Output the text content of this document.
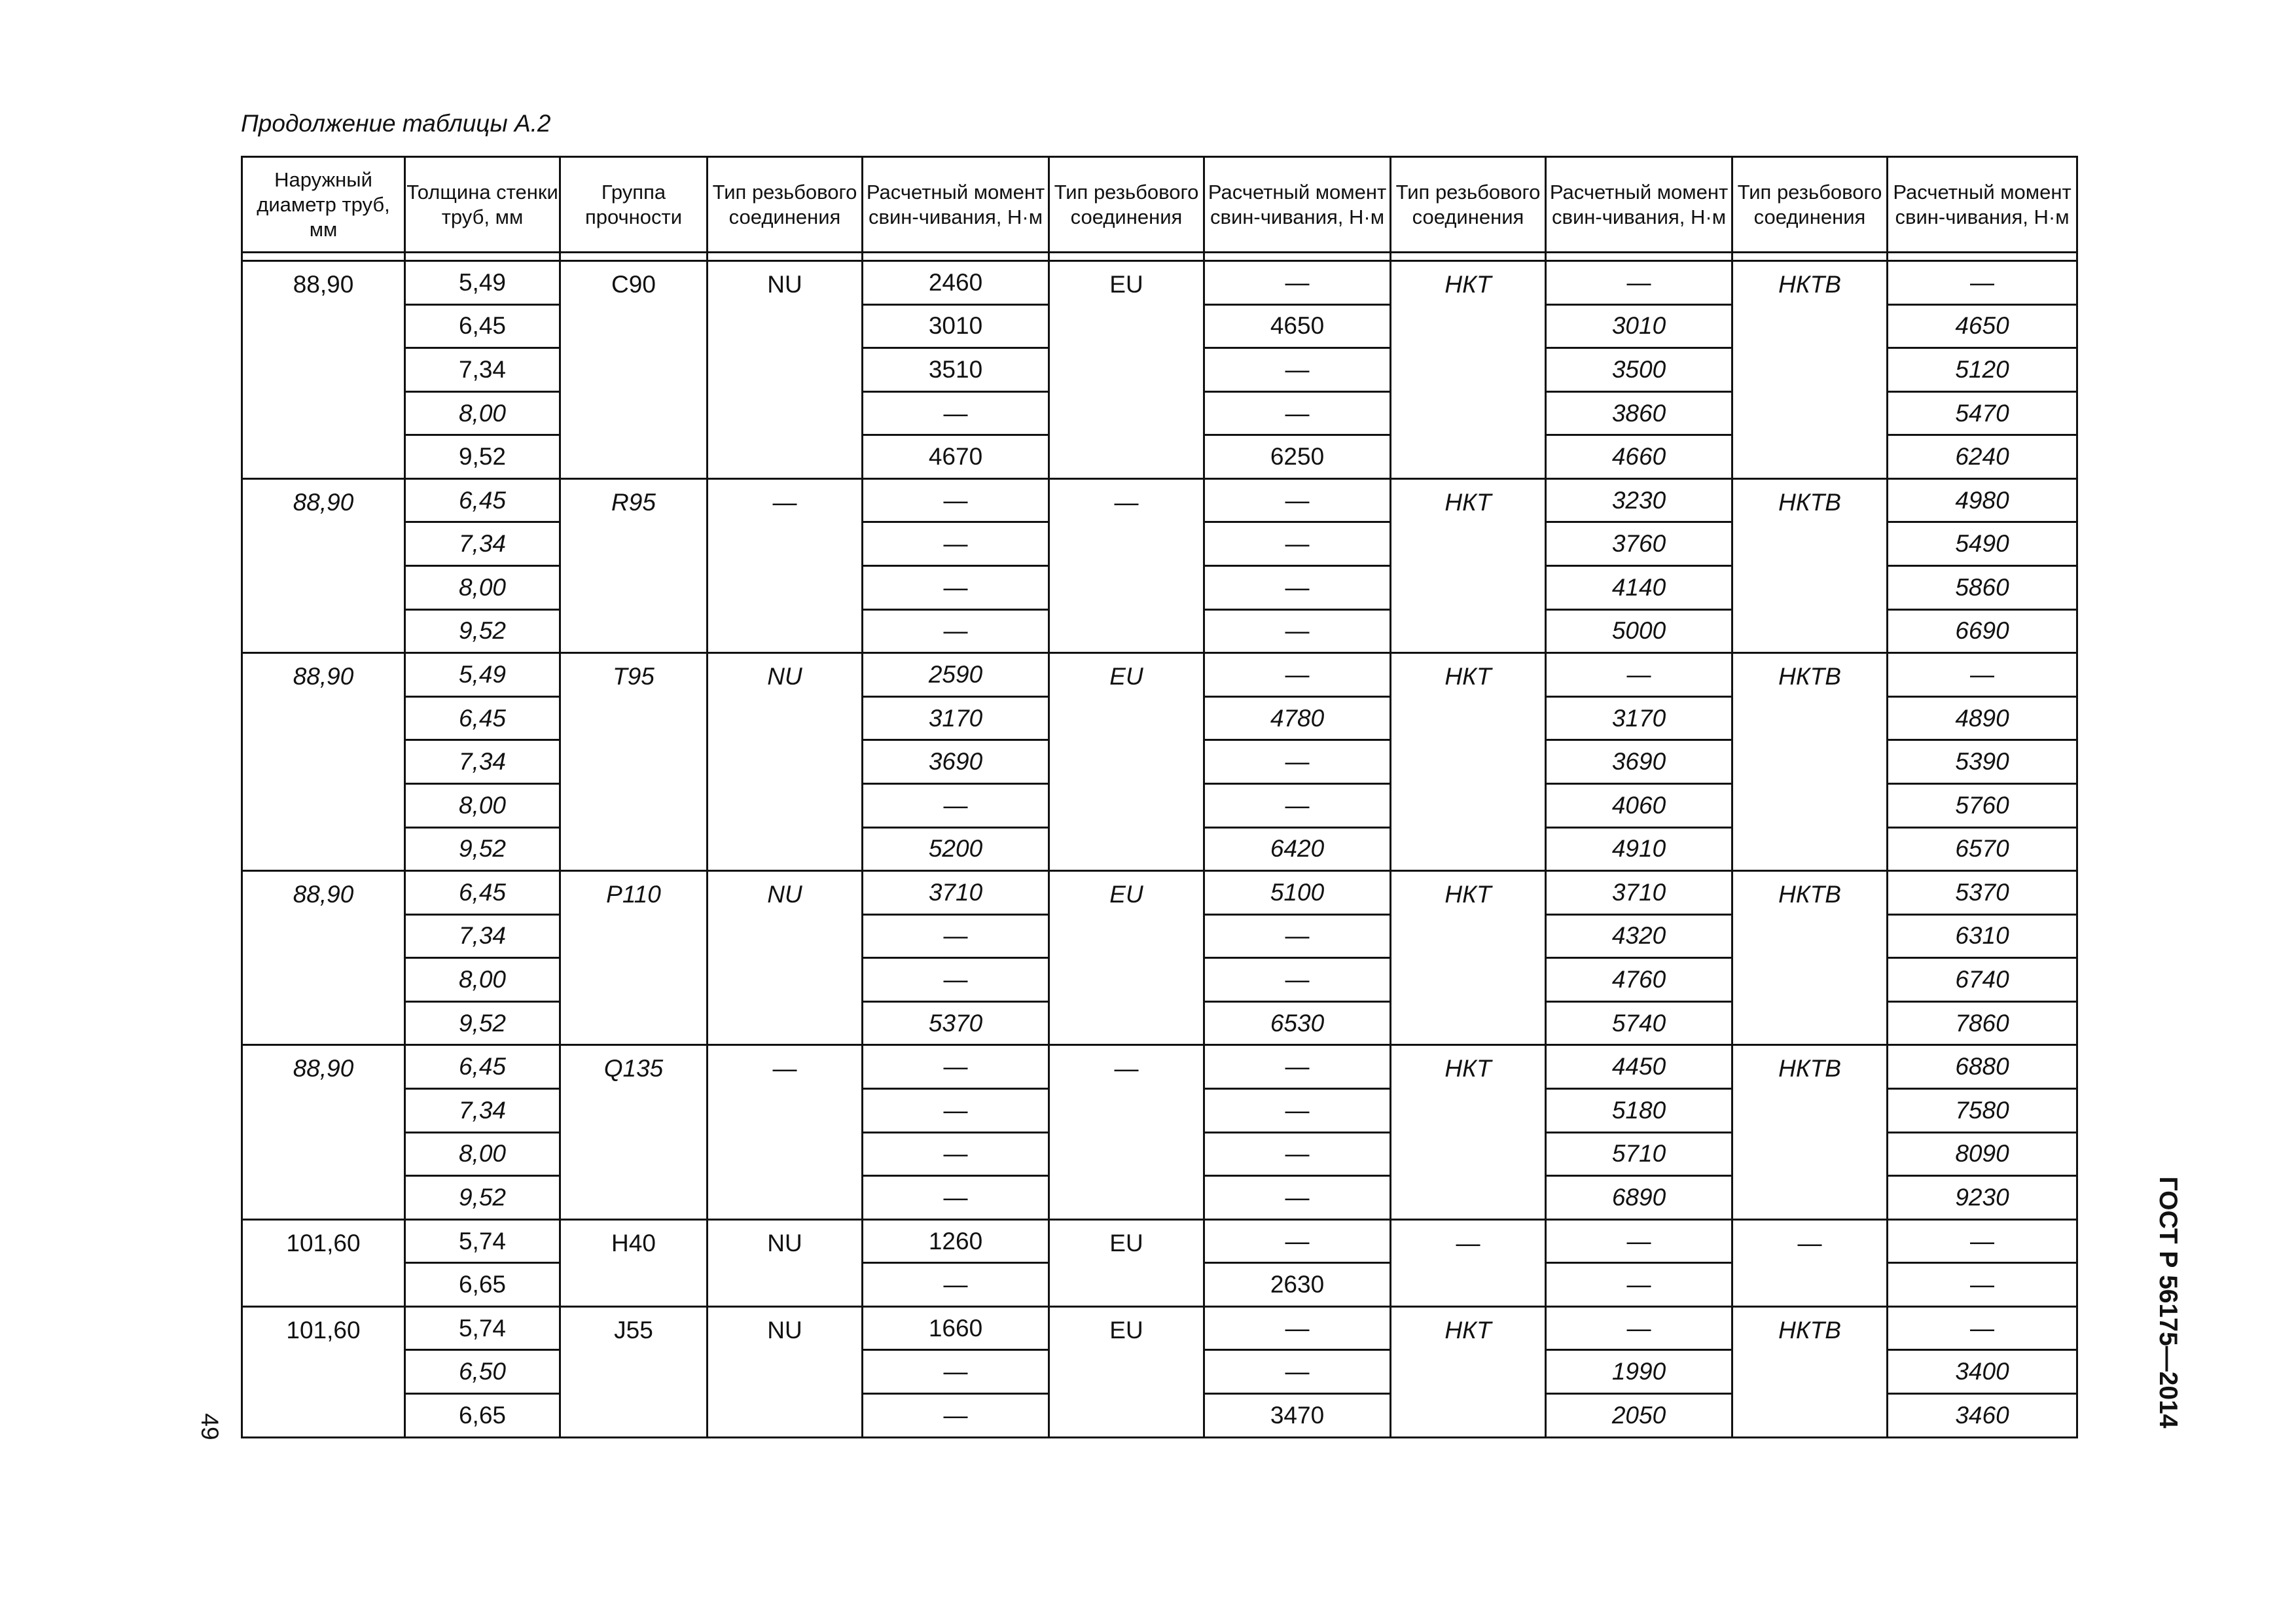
Продолжение таблицы А.2
Наружный диаметр труб, мм	Толщина стенки труб, мм	Группа прочности	Тип резьбового соединения	Расчетный момент свин-чивания, Н·м	Тип резьбового соединения	Расчетный момент свин-чивания, Н·м	Тип резьбового соединения	Расчетный момент свин-чивания, Н·м	Тип резьбового соединения	Расчетный момент свин-чивания, Н·м

88,90	5,49	C90	NU	2460	EU	—	НКТ	—	НКТВ	—
	6,45			3010		4650		3010		4650
	7,34			3510		—		3500		5120
	8,00			—		—		3860		5470
	9,52			4670		6250		4660		6240
88,90	6,45	R95	—	—	—	—	НКТ	3230	НКТВ	4980
	7,34			—		—		3760		5490
	8,00			—		—		4140		5860
	9,52			—		—		5000		6690
88,90	5,49	T95	NU	2590	EU	—	НКТ	—	НКТВ	—
	6,45			3170		4780		3170		4890
	7,34			3690		—		3690		5390
	8,00			—		—		4060		5760
	9,52			5200		6420		4910		6570
88,90	6,45	P110	NU	3710	EU	5100	НКТ	3710	НКТВ	5370
	7,34			—		—		4320		6310
	8,00			—		—		4760		6740
	9,52			5370		6530		5740		7860
88,90	6,45	Q135	—	—	—	—	НКТ	4450	НКТВ	6880
	7,34			—		—		5180		7580
	8,00			—		—		5710		8090
	9,52			—		—		6890		9230
101,60	5,74	H40	NU	1260	EU	—	—	—	—	—
	6,65			—		2630		—		—
101,60	5,74	J55	NU	1660	EU	—	НКТ	—	НКТВ	—
	6,50			—		—		1990		3400
	6,65			—		3470		2050		3460	ГОСТ Р 56175—2014
49
